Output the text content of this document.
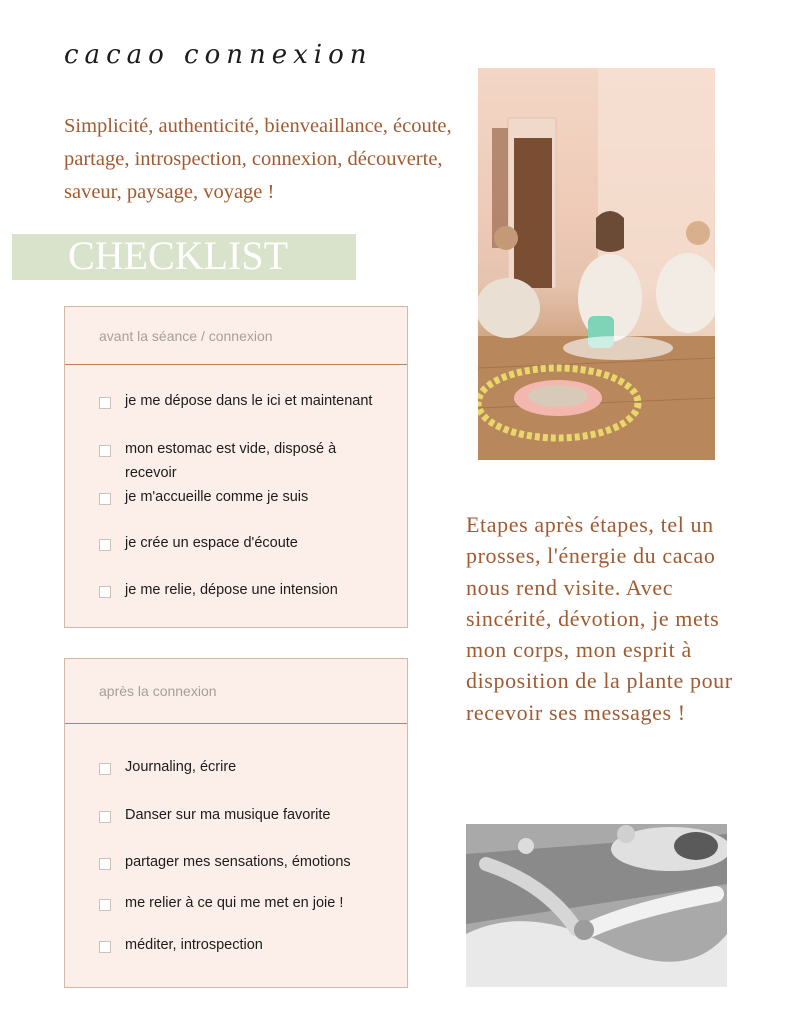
cacao connexion
Simplicité, authenticité, bienveaillance, écoute, partage, introspection, connexion, découverte, saveur, paysage, voyage !
CHECKLIST
avant la séance / connexion
je me dépose dans le ici et maintenant
mon estomac est vide, disposé à recevoir
je m'accueille comme je suis
je crée un espace d'écoute
je me relie, dépose une intension
après la connexion
Journaling, écrire
Danser sur ma musique favorite
partager mes sensations, émotions
me relier à ce qui me met en joie !
méditer, introspection
Etapes après étapes, tel un prosses, l'énergie du cacao nous rend visite. Avec sincérité, dévotion, je mets mon corps, mon esprit à disposition de la plante pour recevoir ses messages !
